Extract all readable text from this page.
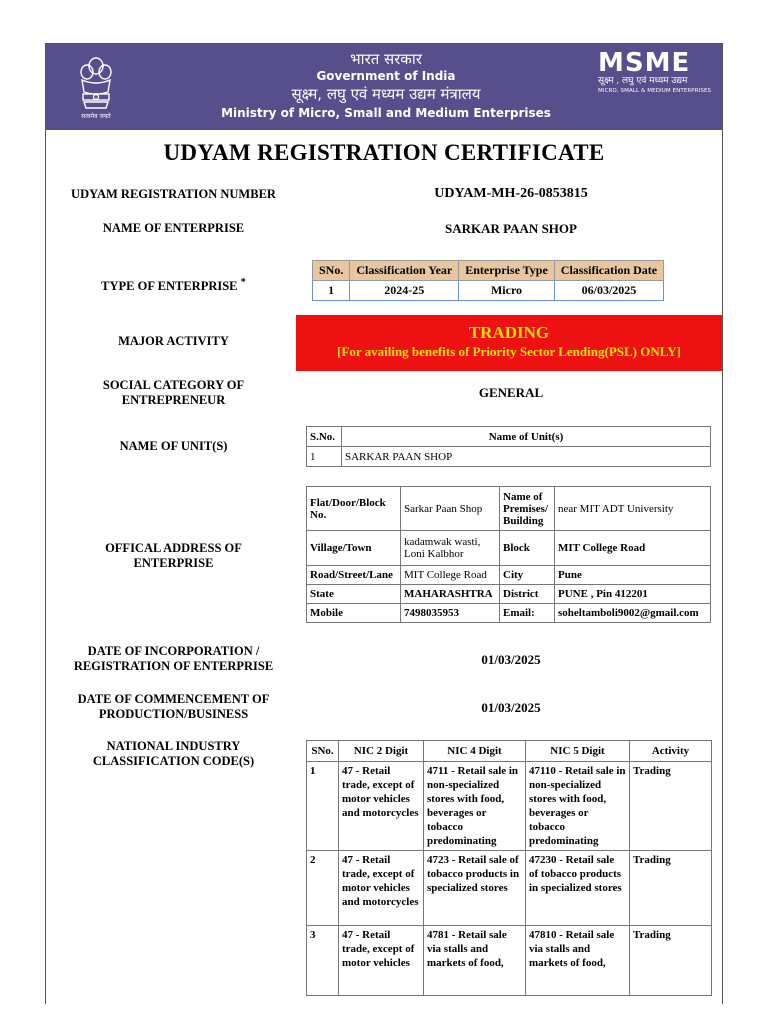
सत्यमेव जयते
भारत सरकार
Government of India
सूक्ष्म, लघु एवं मध्यम उद्यम मंत्रालय
Ministry of Micro, Small and Medium Enterprises
MSME
सूक्ष्म , लघु एवं मध्यम उद्यम
MICRO, SMALL & MEDIUM ENTERPRISES
UDYAM REGISTRATION CERTIFICATE
UDYAM REGISTRATION NUMBER	UDYAM-MH-26-0853815
NAME OF ENTERPRISE	SARKAR PAAN SHOP
TYPE OF ENTERPRISE *
SNo.	Classification Year	Enterprise Type	Classification Date
1	2024-25	Micro	06/03/2025
MAJOR ACTIVITY	TRADING
[For availing benefits of Priority Sector Lending(PSL) ONLY]
SOCIAL CATEGORY OF ENTREPRENEUR	GENERAL
NAME OF UNIT(S)
S.No.	Name of Unit(s)
1	SARKAR PAAN SHOP
OFFICAL ADDRESS OF ENTERPRISE
Flat/Door/Block No.	Sarkar Paan Shop	Name of Premises/ Building	near MIT ADT University
Village/Town	kadamwak wasti, Loni Kalbhor	Block	MIT College Road
Road/Street/Lane	MIT College Road	City	Pune
State	MAHARASHTRA	District	PUNE , Pin 412201
Mobile	7498035953	Email:	soheltamboli9002@gmail.com
DATE OF INCORPORATION / REGISTRATION OF ENTERPRISE	01/03/2025
DATE OF COMMENCEMENT OF PRODUCTION/BUSINESS	01/03/2025
NATIONAL INDUSTRY CLASSIFICATION CODE(S)
SNo.	NIC 2 Digit	NIC 4 Digit	NIC 5 Digit	Activity
1	47 - Retail trade, except of motor vehicles and motorcycles	4711 - Retail sale in non-specialized stores with food, beverages or tobacco predominating	47110 - Retail sale in non-specialized stores with food, beverages or tobacco predominating	Trading
2	47 - Retail trade, except of motor vehicles and motorcycles	4723 - Retail sale of tobacco products in specialized stores	47230 - Retail sale of tobacco products in specialized stores	Trading
3	47 - Retail trade, except of motor vehicles	4781 - Retail sale via stalls and markets of food,	47810 - Retail sale via stalls and markets of food,	Trading
